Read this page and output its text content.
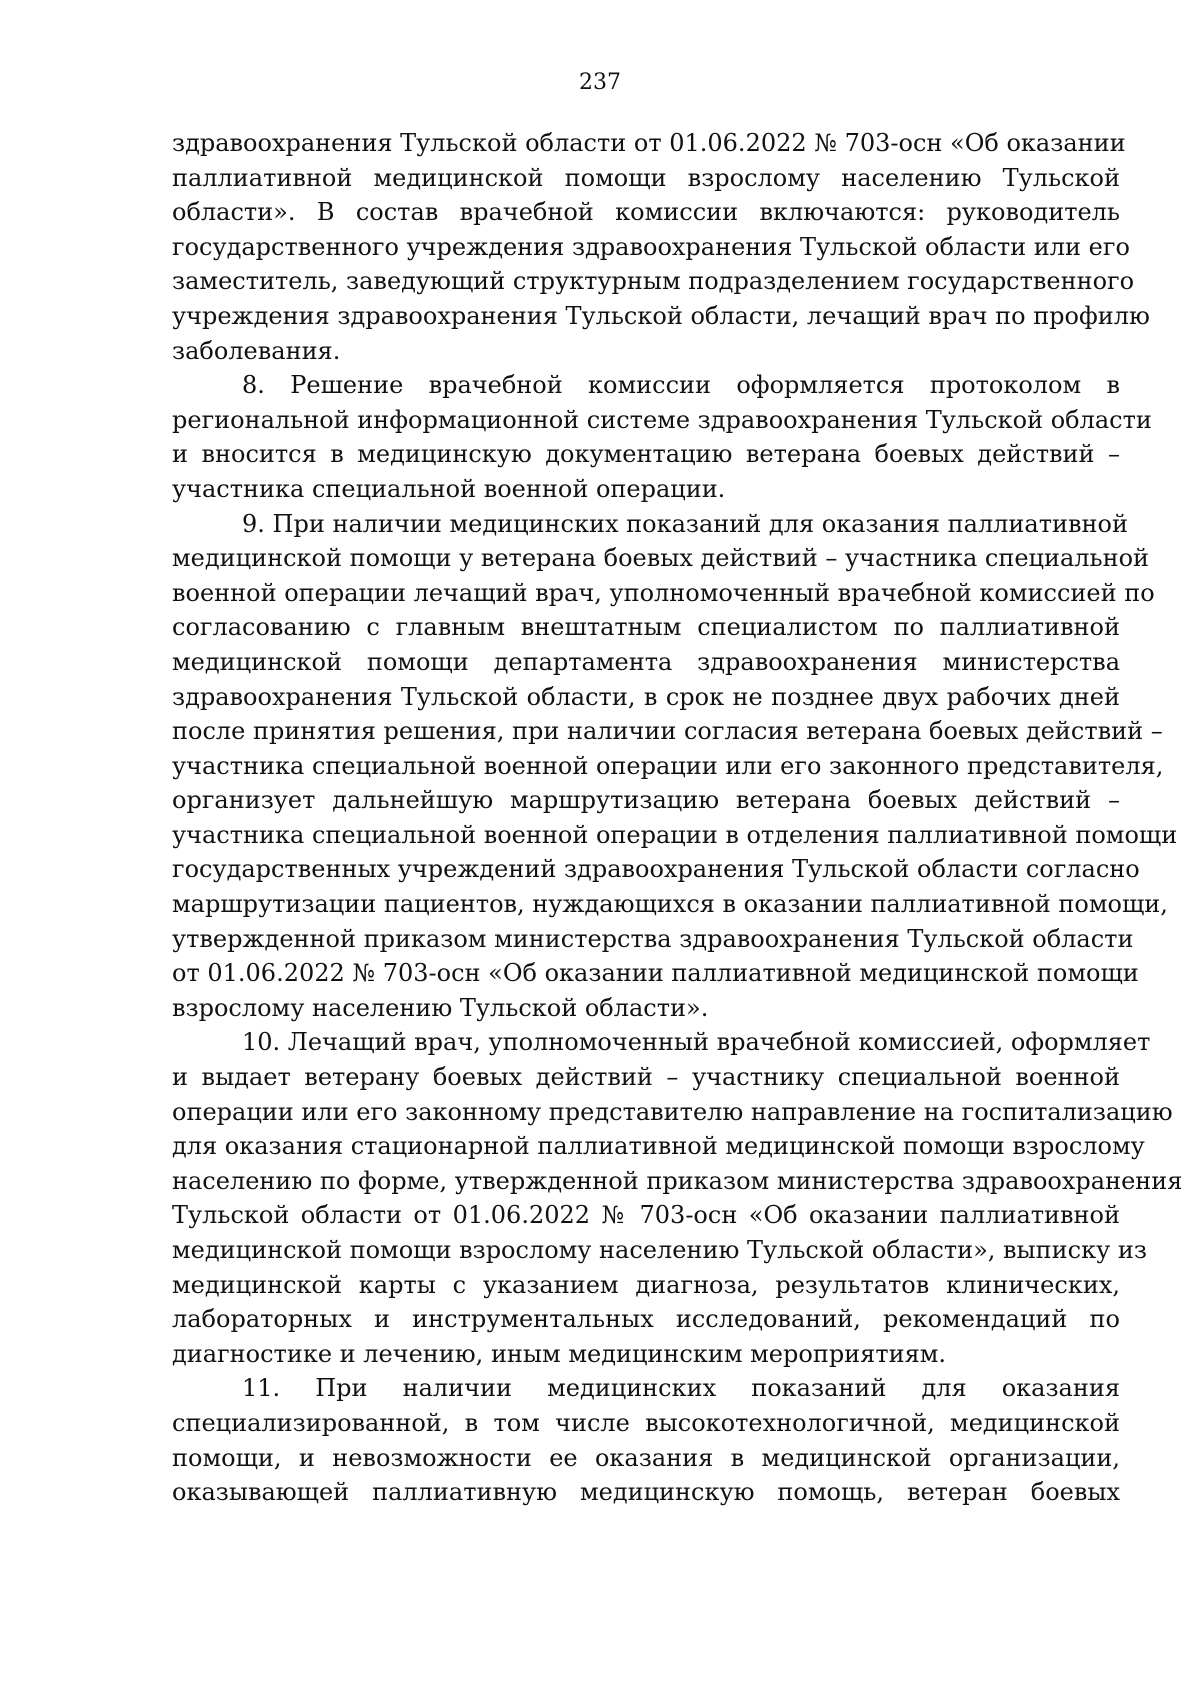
237
здравоохранения Тульской области от 01.06.2022 № 703-осн «Об оказании
паллиативной медицинской помощи взрослому населению Тульской
области». В состав врачебной комиссии включаются: руководитель
государственного учреждения здравоохранения Тульской области или его
заместитель, заведующий структурным подразделением государственного
учреждения здравоохранения Тульской области, лечащий врач по профилю
заболевания.
8. Решение врачебной комиссии оформляется протоколом в
региональной информационной системе здравоохранения Тульской области
и вносится в медицинскую документацию ветерана боевых действий –
участника специальной военной операции.
9. При наличии медицинских показаний для оказания паллиативной
медицинской помощи у ветерана боевых действий – участника специальной
военной операции лечащий врач, уполномоченный врачебной комиссией по
согласованию с главным внештатным специалистом по паллиативной
медицинской помощи департамента здравоохранения министерства
здравоохранения Тульской области, в срок не позднее двух рабочих дней
после принятия решения, при наличии согласия ветерана боевых действий –
участника специальной военной операции или его законного представителя,
организует дальнейшую маршрутизацию ветерана боевых действий –
участника специальной военной операции в отделения паллиативной помощи
государственных учреждений здравоохранения Тульской области согласно
маршрутизации пациентов, нуждающихся в оказании паллиативной помощи,
утвержденной приказом министерства здравоохранения Тульской области
от 01.06.2022 № 703-осн «Об оказании паллиативной медицинской помощи
взрослому населению Тульской области».
10. Лечащий врач, уполномоченный врачебной комиссией, оформляет
и выдает ветерану боевых действий – участнику специальной военной
операции или его законному представителю направление на госпитализацию
для оказания стационарной паллиативной медицинской помощи взрослому
населению по форме, утвержденной приказом министерства здравоохранения
Тульской области от 01.06.2022 № 703-осн «Об оказании паллиативной
медицинской помощи взрослому населению Тульской области», выписку из
медицинской карты с указанием диагноза, результатов клинических,
лабораторных и инструментальных исследований, рекомендаций по
диагностике и лечению, иным медицинским мероприятиям.
11. При наличии медицинских показаний для оказания
специализированной, в том числе высокотехнологичной, медицинской
помощи, и невозможности ее оказания в медицинской организации,
оказывающей паллиативную медицинскую помощь, ветеран боевых
